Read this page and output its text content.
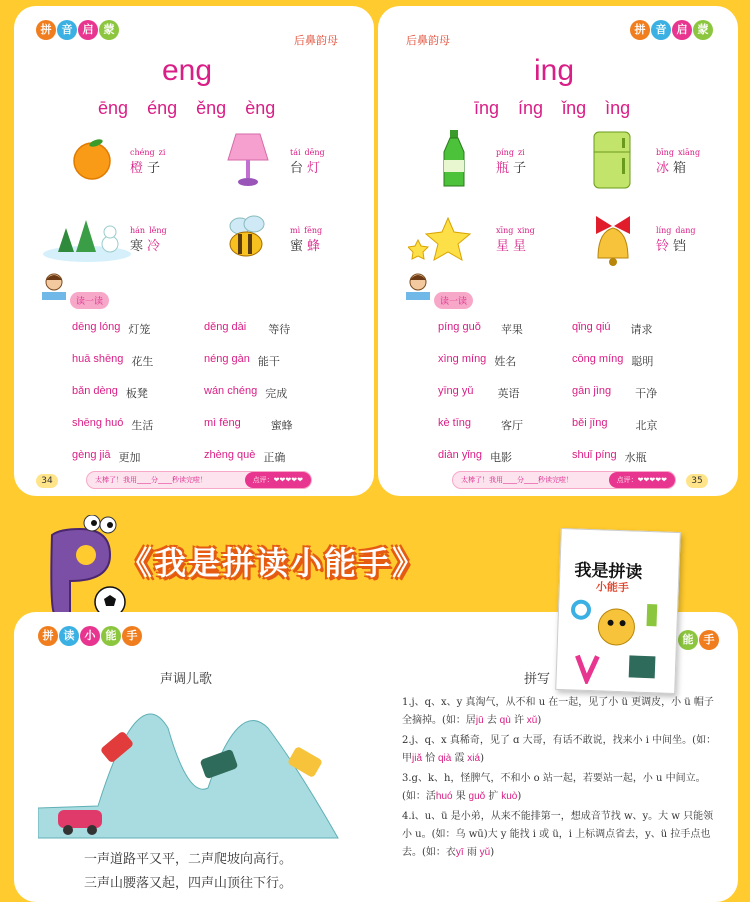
拼 音 启 蒙
后鼻韵母
eng
ēng éng ěng èng
chéng zi
橙 子
tái dēng
台 灯
hán lěng
寒 冷
mì fēng
蜜 蜂
读一读
dēng lóng 灯笼	děng dài 等待
huā shēng 花生	néng gàn 能干
bǎn dèng 板凳	wán chéng 完成
shēng huó 生活	mì fēng	蜜蜂
gèng jiā 更加	zhèng què 正确
34	太棒了！我用____分____秒读完啦！	点评：❤❤❤❤❤
拼 音 启 蒙
后鼻韵母
ing
īng íng ǐng ìng
píng zi
瓶 子
bīng xiāng
冰 箱
xīng xing
星 星
líng dang
铃 铛
读一读
píng guǒ 苹果	qǐng qiú 请求
xìng míng 姓名	cōng míng 聪明
yīng yǔ 英语	gān jìng 干净
kè tīng	客厅	běi jīng	北京
diàn yǐng 电影	shuǐ píng 水瓶
太棒了！我用____分____秒读完啦！	点评：❤❤❤❤❤	35
《我是拼读小能手》
拼 读 小 能 手	能 手
声调儿歌	拼写
一声道路平又平，二声爬坡向高行。
三声山腰落又起，四声山顶往下行。
1.j、q、x、y 真淘气，从不和 u 在一起，见了小 ü 更调皮，小 ü 帽子全摘掉。(如：居jū 去 qù 许 xǔ)
2.j、q、x 真稀奇，见了 ɑ 大哥，有话不敢说，找来小 i 中间坐。(如：甲jiǎ 恰 qià 霞 xiá)
3.g、k、h，怪脾气，不和小 o 站一起，若要站一起，小 u 中间立。(如：活huó 果 guǒ 扩 kuò)
4.i、u、ü 是小弟，从来不能排第一，想成音节找 w、y。大 w 只能领小 u。(如：乌 wū)大 y 能找 i 或 ü，i 上标调点省去，y、ü 拉手点也去。(如：衣yī 雨 yǔ)
我是拼读
小能手
